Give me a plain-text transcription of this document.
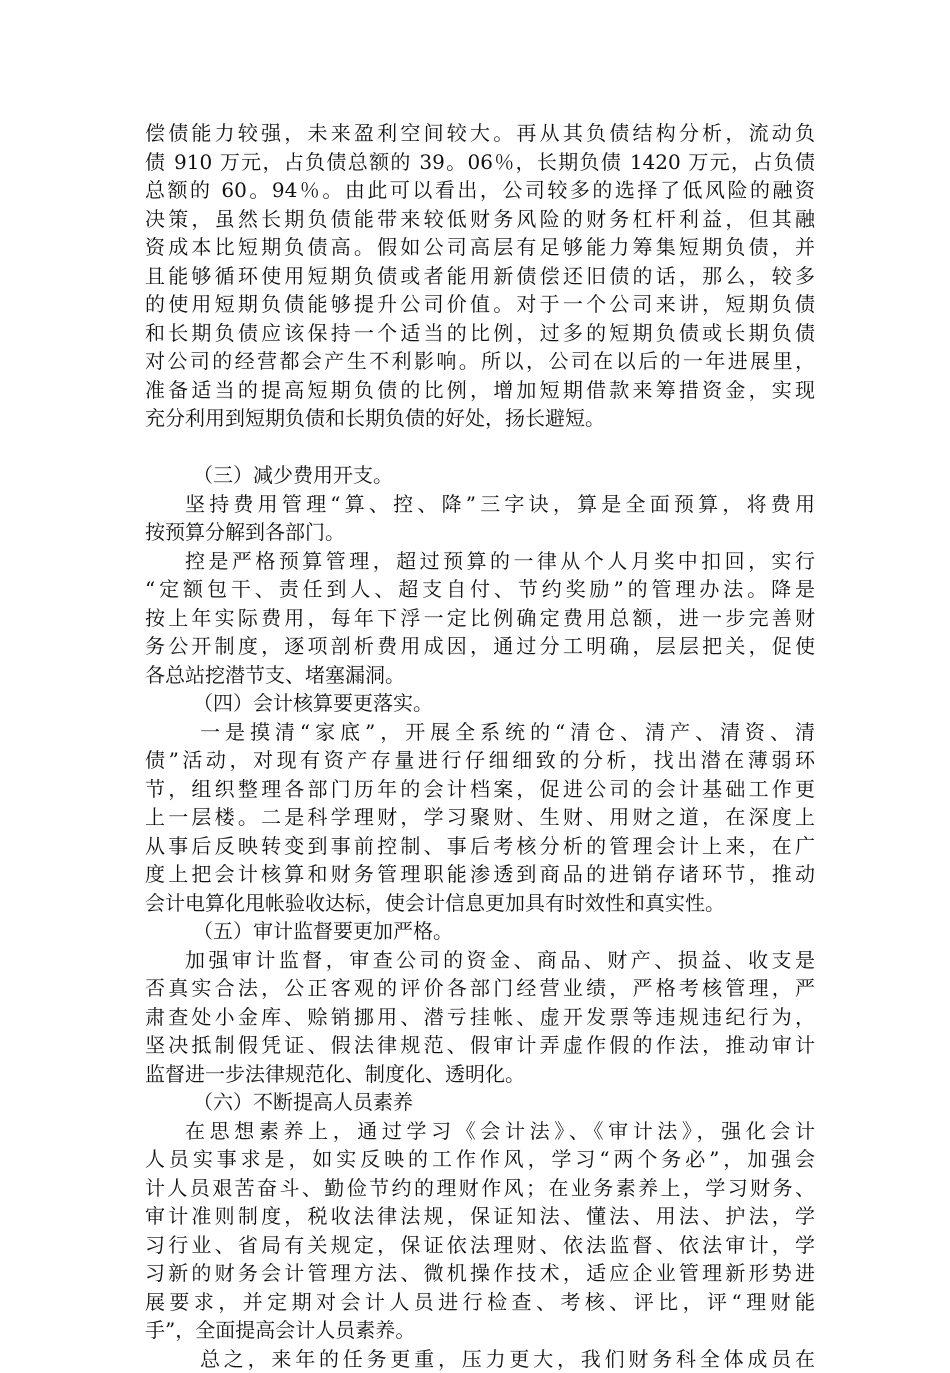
偿债能力较强，未来盈利空间较大。再从其负债结构分析，流动负
债 910 万元，占负债总额的 39。06％，长期负债 1420 万元，占负债
总额的 60。94％。由此可以看出，公司较多的选择了低风险的融资
决策，虽然长期负债能带来较低财务风险的财务杠杆利益，但其融
资成本比短期负债高。假如公司高层有足够能力筹集短期负债，并
且能够循环使用短期负债或者能用新债偿还旧债的话，那么，较多
的使用短期负债能够提升公司价值。对于一个公司来讲，短期负债
和长期负债应该保持一个适当的比例，过多的短期负债或长期负债
对公司的经营都会产生不利影响。所以，公司在以后的一年进展里，
准备适当的提高短期负债的比例，增加短期借款来筹措资金，实现
充分利用到短期负债和长期负债的好处，扬长避短。
（三）减少费用开支。
坚持费用管理“算、控、降”三字诀，算是全面预算，将费用
按预算分解到各部门。
控是严格预算管理，超过预算的一律从个人月奖中扣回，实行
“定额包干、责任到人、超支自付、节约奖励”的管理办法。降是
按上年实际费用，每年下浮一定比例确定费用总额，进一步完善财
务公开制度，逐项剖析费用成因，通过分工明确，层层把关，促使
各总站挖潜节支、堵塞漏洞。
（四）会计核算要更落实。
一是摸清“家底”，开展全系统的“清仓、清产、清资、清
债”活动，对现有资产存量进行仔细细致的分析，找出潜在薄弱环
节，组织整理各部门历年的会计档案，促进公司的会计基础工作更
上一层楼。二是科学理财，学习聚财、生财、用财之道，在深度上
从事后反映转变到事前控制、事后考核分析的管理会计上来，在广
度上把会计核算和财务管理职能渗透到商品的进销存诸环节，推动
会计电算化甩帐验收达标，使会计信息更加具有时效性和真实性。
（五）审计监督要更加严格。
加强审计监督，审查公司的资金、商品、财产、损益、收支是
否真实合法，公正客观的评价各部门经营业绩，严格考核管理，严
肃查处小金库、赊销挪用、潜亏挂帐、虚开发票等违规违纪行为，
坚决抵制假凭证、假法律规范、假审计弄虚作假的作法，推动审计
监督进一步法律规范化、制度化、透明化。
（六）不断提高人员素养
在思想素养上，通过学习《会计法》、《审计法》，强化会计
人员实事求是，如实反映的工作作风，学习“两个务必”，加强会
计人员艰苦奋斗、勤俭节约的理财作风；在业务素养上，学习财务、
审计准则制度，税收法律法规，保证知法、懂法、用法、护法，学
习行业、省局有关规定，保证依法理财、依法监督、依法审计，学
习新的财务会计管理方法、微机操作技术，适应企业管理新形势进
展要求，并定期对会计人员进行检查、考核、评比，评“理财能
手”，全面提高会计人员素养。
总之，来年的任务更重，压力更大，我们财务科全体成员在
